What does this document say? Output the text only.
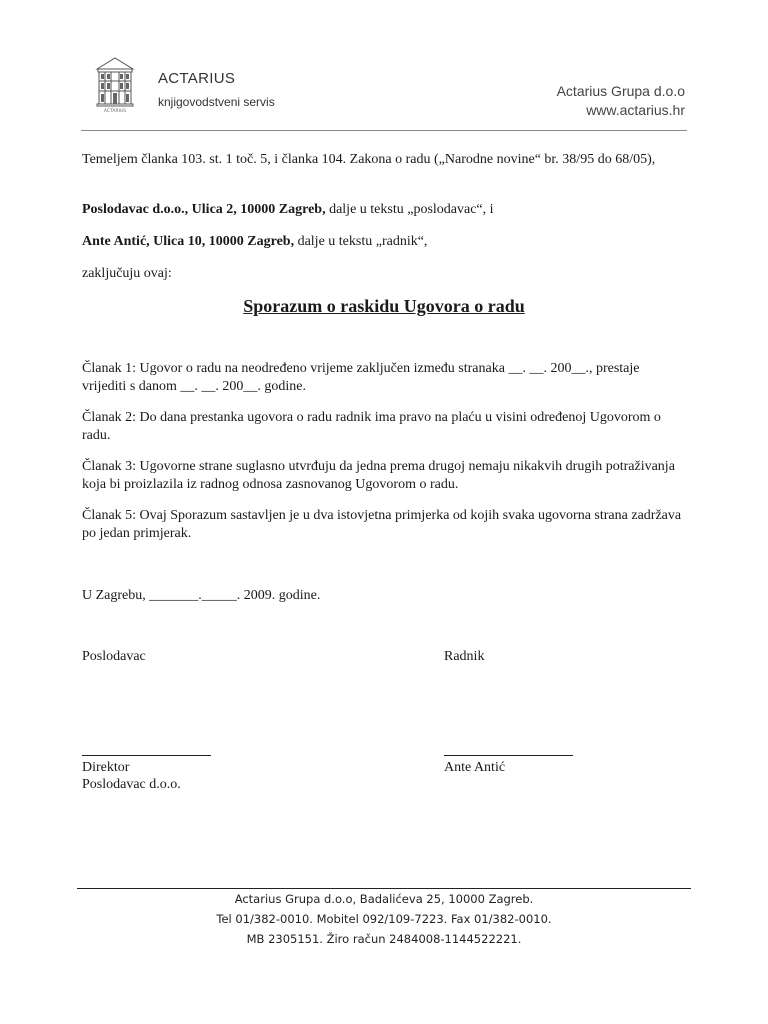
ACTARIUS
ACTARIUS
knjigovodstveni servis
Actarius Grupa d.o.o
www.actarius.hr
Temeljem članka 103. st. 1 toč. 5, i članka 104. Zakona o radu („Narodne novine“ br. 38/95 do 68/05),
Poslodavac d.o.o., Ulica 2, 10000 Zagreb, dalje u tekstu „poslodavac“, i
Ante Antić, Ulica 10, 10000 Zagreb, dalje u tekstu „radnik“,
zaključuju ovaj:
Sporazum o raskidu Ugovora o radu
Članak 1: Ugovor o radu na neodređeno vrijeme zaključen između stranaka __. __. 200__., prestaje vrijediti s danom __. __. 200__. godine.
Članak 2: Do dana prestanka ugovora o radu radnik ima pravo na plaću u visini određenoj Ugovorom o radu.
Članak 3: Ugovorne strane suglasno utvrđuju da jedna prema drugoj nemaju nikakvih drugih potraživanja koja bi proizlazila iz radnog odnosa zasnovanog Ugovorom o radu.
Članak 5: Ovaj Sporazum sastavljen je u dva istovjetna primjerka od kojih svaka ugovorna strana zadržava po jedan primjerak.
U Zagrebu, _______._____. 2009. godine.
Poslodavac	Radnik
Direktor
Poslodavac d.o.o.
Ante Antić
Actarius Grupa d.o.o, Badalićeva 25, 10000 Zagreb.
Tel 01/382-0010. Mobitel 092/109-7223. Fax 01/382-0010.
MB 2305151. Žiro račun 2484008-1144522221.
